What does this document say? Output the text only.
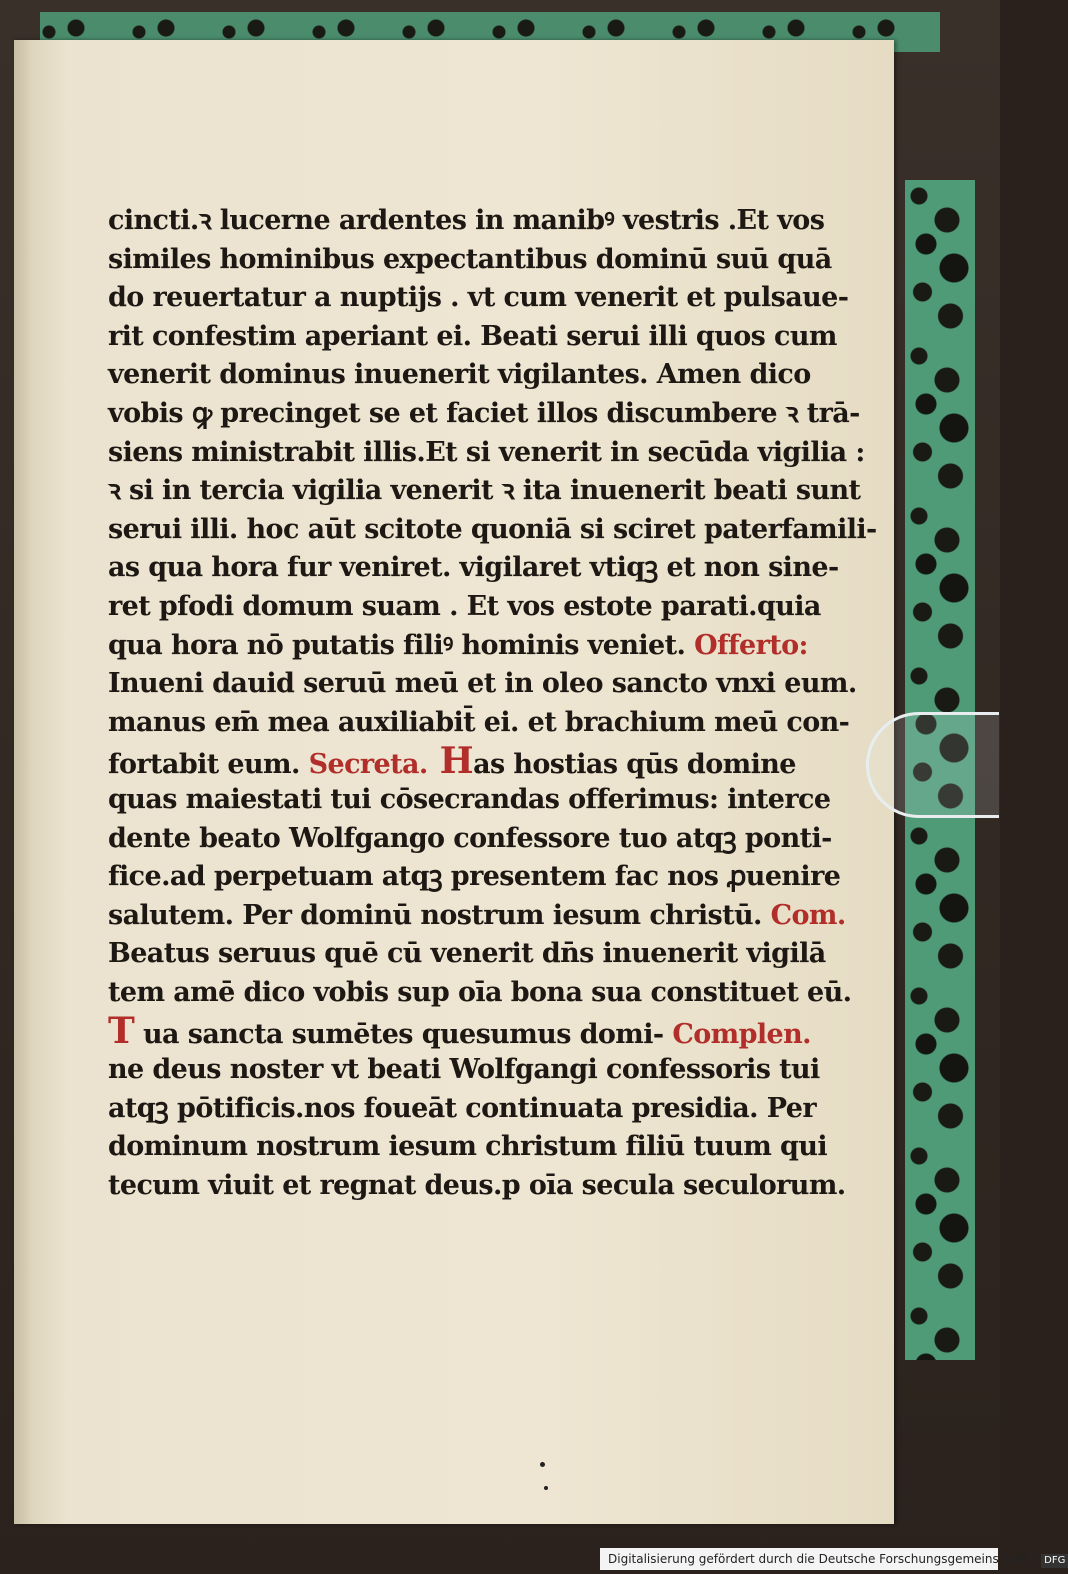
cincti.ꝛ lucerne ardentes in manibꝰ vestris .Et vos
similes hominibus expectantibus dominū suū quā
do reuertatur a nuptijs . vt cum venerit et pulsaue-
rit confestim aperiant ei. Beati serui illi quos cum
venerit dominus inuenerit vigilantes. Amen dico
vobis ꝙ precinget se et faciet illos discumbere ꝛ trā-
siens ministrabit illis.Et si venerit in secūda vigilia :
ꝛ si in tercia vigilia venerit ꝛ ita inuenerit beati sunt
serui illi. hoc aūt scitote quoniā si sciret paterfamili-
as qua hora fur veniret. vigilaret vtiqꝫ et non sine-
ret pfodi domum suam . Et vos estote parati.quia
qua hora nō putatis filiꝰ hominis veniet. Offerto:
Inueni dauid seruū meū et in oleo sancto vnxi eum.
manus em̄ mea auxiliabit̄ ei. et brachium meū con-
fortabit eum. Secreta. Has hostias qūs domine
quas maiestati tui cōsecrandas offerimus: interce
dente beato Wolfgango confessore tuo atqꝫ ponti-
fice.ad perpetuam atqꝫ presentem fac nos ꝓuenire
salutem. Per dominū nostrum iesum christū. Com.
Beatus seruus quē cū venerit dn̄s inuenerit vigilā
tem amē dico vobis sup oīa bona sua constituet eū.
T ua sancta sumētes quesumus domi- Complen.
ne deus noster vt beati Wolfgangi confessoris tui
atqꝫ pōtificis.nos foueāt continuata presidia. Per
dominum nostrum iesum christum filiū tuum qui
tecum viuit et regnat deus.p oīa secula seculorum.
Digitalisierung gefördert durch die Deutsche Forschungsgemeinschaft - DFG
